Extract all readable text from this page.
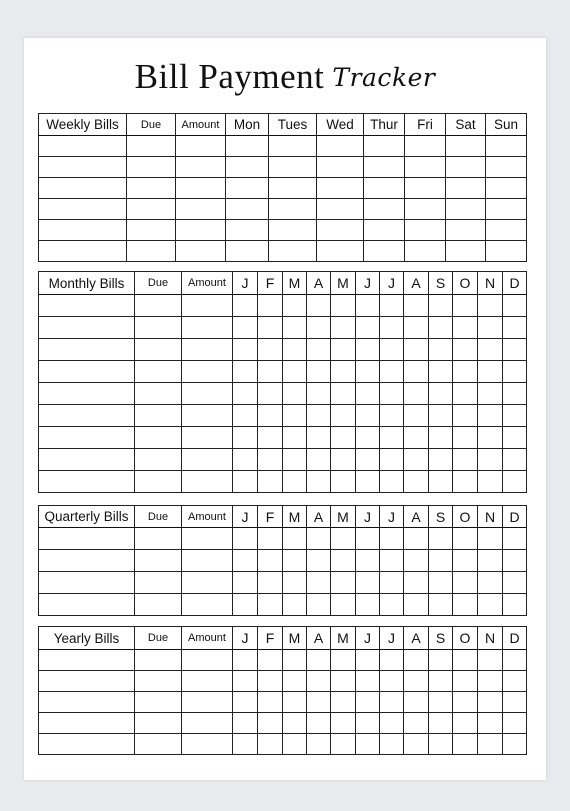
Bill Payment Tracker
Weekly Bills	Due	Amount	Mon	Tues	Wed	Thur	Fri	Sat	Sun

Monthly Bills	Due	Amount	J	F	M	A	M	J	J	A	S	O	N	D

Quarterly Bills	Due	Amount	J	F	M	A	M	J	J	A	S	O	N	D

Yearly Bills	Due	Amount	J	F	M	A	M	J	J	A	S	O	N	D
